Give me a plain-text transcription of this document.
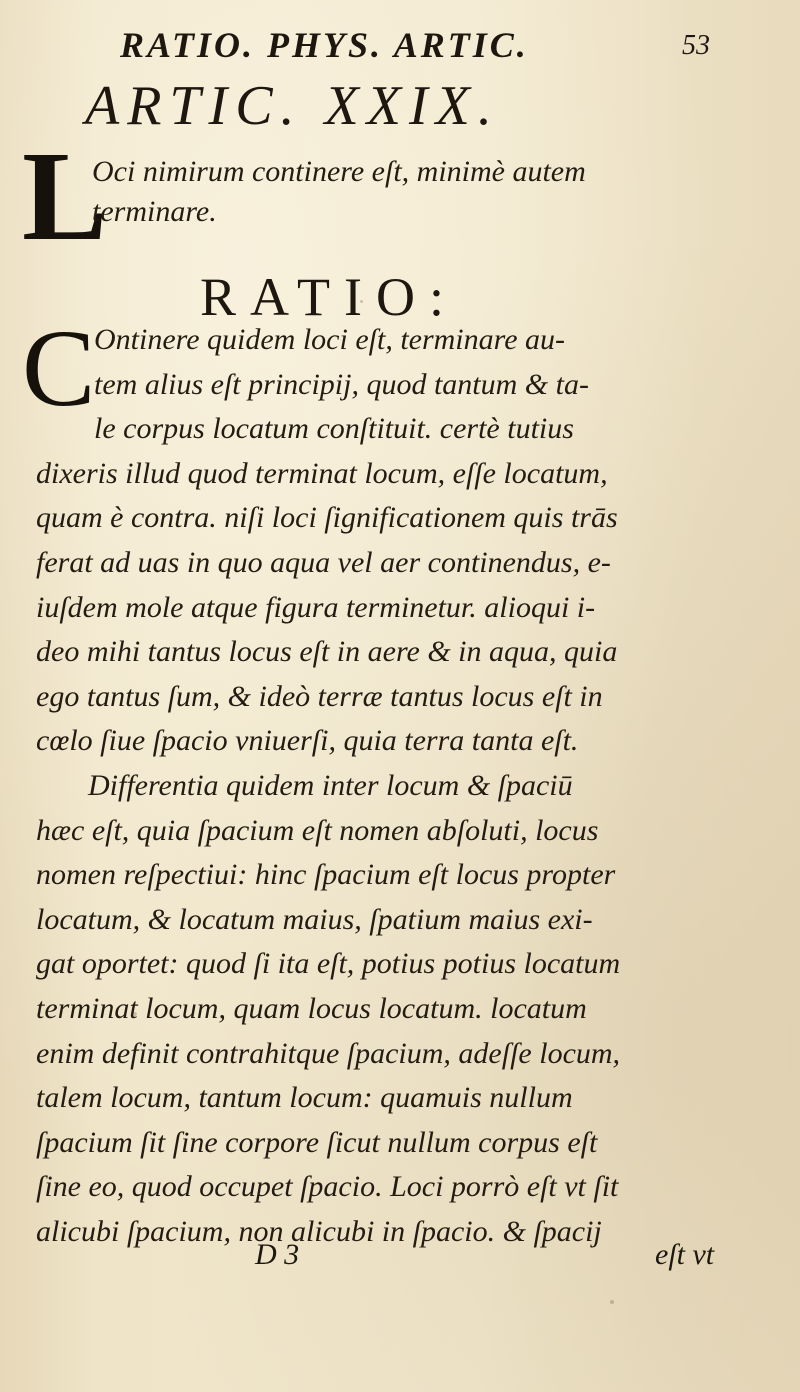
RATIO. PHYS. ARTIC.	53
ARTIC. XXIX.
L
Oci nimirum continere eſt, minimè autem
terminare.
RATIO:
C
Ontinere quidem loci eſt, terminare au-
tem alius eſt principij, quod tantum & ta-
le corpus locatum conſtituit. certè tutius
dixeris illud quod terminat locum, eſſe locatum,
quam è contra. niſi loci ſignificationem quis trās
ferat ad uas in quo aqua vel aer continendus, e-
iuſdem mole atque figura terminetur. alioqui i-
deo mihi tantus locus eſt in aere & in aqua, quia
ego tantus ſum, & ideò terræ tantus locus eſt in
cœlo ſiue ſpacio vniuerſi, quia terra tanta eſt.
Differentia quidem inter locum & ſpaciū
hæc eſt, quia ſpacium eſt nomen abſoluti, locus
nomen reſpectiui: hinc ſpacium eſt locus propter
locatum, & locatum maius, ſpatium maius exi-
gat oportet: quod ſi ita eſt, potius potius locatum
terminat locum, quam locus locatum. locatum
enim definit contrahitque ſpacium, adeſſe locum,
talem locum, tantum locum: quamuis nullum
ſpacium ſit ſine corpore ſicut nullum corpus eſt
ſine eo, quod occupet ſpacio. Loci porrò eſt vt ſit
alicubi ſpacium, non alicubi in ſpacio. & ſpacij
D 3	eſt vt
